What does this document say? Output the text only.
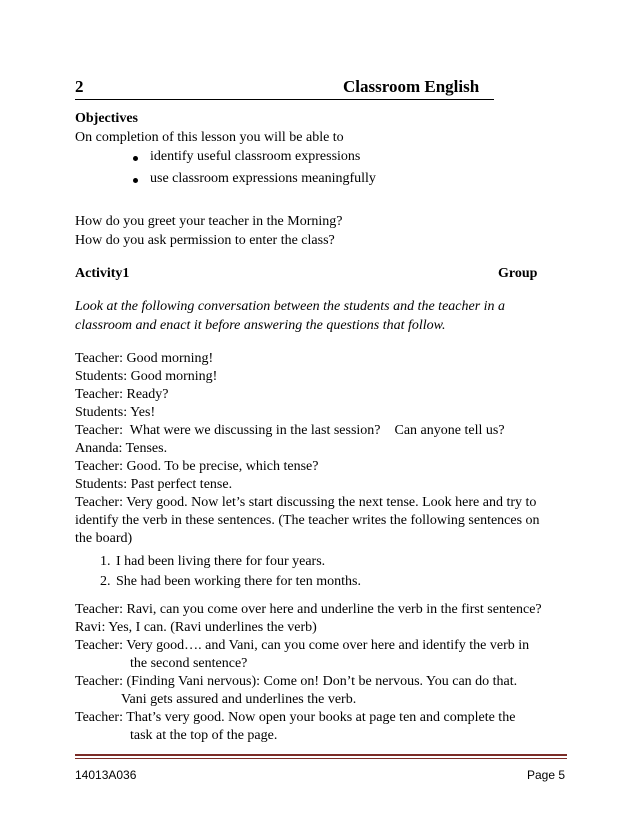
2	Classroom English
Objectives
On completion of this lesson you will be able to
identify useful classroom expressions
use classroom expressions meaningfully
How do you greet your teacher in the Morning?
How do you ask permission to enter the class?
Activity1	Group
Look at the following conversation between the students and the teacher in a
classroom and enact it before answering the questions that follow.
Teacher: Good morning!
Students: Good morning!
Teacher: Ready?
Students: Yes!
Teacher:  What were we discussing in the last session?    Can anyone tell us?
Ananda: Tenses.
Teacher: Good. To be precise, which tense?
Students: Past perfect tense.
Teacher: Very good. Now let’s start discussing the next tense. Look here and try to
identify the verb in these sentences. (The teacher writes the following sentences on
the board)
1. I had been living there for four years.
2. She had been working there for ten months.
Teacher: Ravi, can you come over here and underline the verb in the first sentence?
Ravi: Yes, I can. (Ravi underlines the verb)
Teacher: Very good…. and Vani, can you come over here and identify the verb in
the second sentence?
Teacher: (Finding Vani nervous): Come on! Don’t be nervous. You can do that.
Vani gets assured and underlines the verb.
Teacher: That’s very good. Now open your books at page ten and complete the
task at the top of the page.
14013A036	Page 5
